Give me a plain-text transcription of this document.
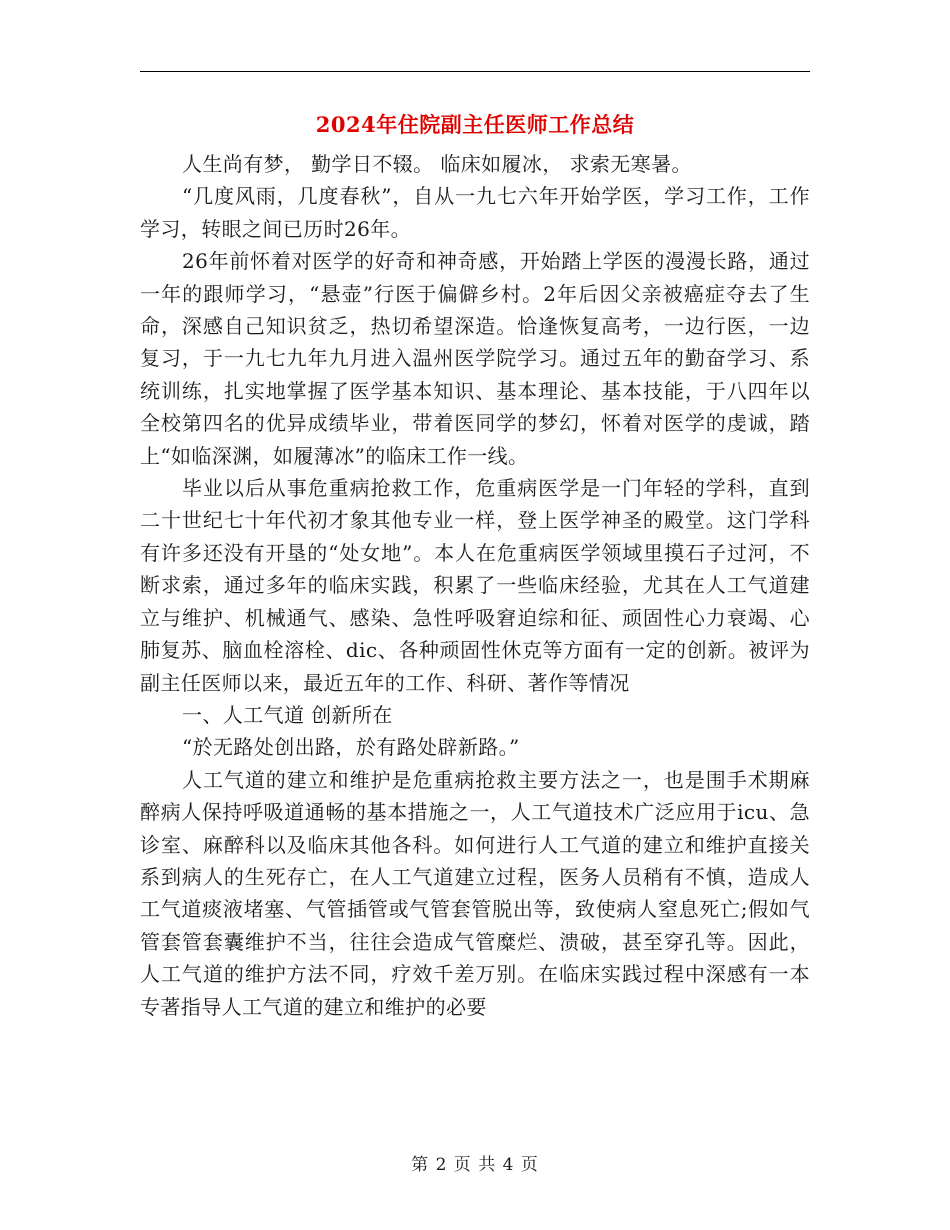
2024年住院副主任医师工作总结

人生尚有梦， 勤学日不辍。 临床如履冰， 求索无寒暑。

“几度风雨，几度春秋”，自从一九七六年开始学医，学习工作，工作学习，转眼之间已历时26年。

26年前怀着对医学的好奇和神奇感，开始踏上学医的漫漫长路，通过一年的跟师学习，“悬壶”行医于偏僻乡村。2年后因父亲被癌症夺去了生命，深感自己知识贫乏，热切希望深造。恰逢恢复高考，一边行医，一边复习，于一九七九年九月进入温州医学院学习。通过五年的勤奋学习、系统训练，扎实地掌握了医学基本知识、基本理论、基本技能，于八四年以全校第四名的优异成绩毕业，带着医同学的梦幻，怀着对医学的虔诚，踏上“如临深渊，如履薄冰”的临床工作一线。

毕业以后从事危重病抢救工作，危重病医学是一门年轻的学科，直到二十世纪七十年代初才象其他专业一样，登上医学神圣的殿堂。这门学科有许多还没有开垦的“处女地”。本人在危重病医学领域里摸石子过河，不断求索，通过多年的临床实践，积累了一些临床经验，尤其在人工气道建立与维护、机械通气、感染、急性呼吸窘迫综和征、顽固性心力衰竭、心肺复苏、脑血栓溶栓、dic、各种顽固性休克等方面有一定的创新。被评为副主任医师以来，最近五年的工作、科研、著作等情况

一、人工气道 创新所在

“於无路处创出路，於有路处辟新路。”

人工气道的建立和维护是危重病抢救主要方法之一，也是围手术期麻醉病人保持呼吸道通畅的基本措施之一，人工气道技术广泛应用于icu、急诊室、麻醉科以及临床其他各科。如何进行人工气道的建立和维护直接关系到病人的生死存亡，在人工气道建立过程，医务人员稍有不慎，造成人工气道痰液堵塞、气管插管或气管套管脱出等，致使病人窒息死亡;假如气管套管套囊维护不当，往往会造成气管糜烂、溃破，甚至穿孔等。因此，人工气道的维护方法不同，疗效千差万别。在临床实践过程中深感有一本专著指导人工气道的建立和维护的必要

第 2 页 共 4 页
